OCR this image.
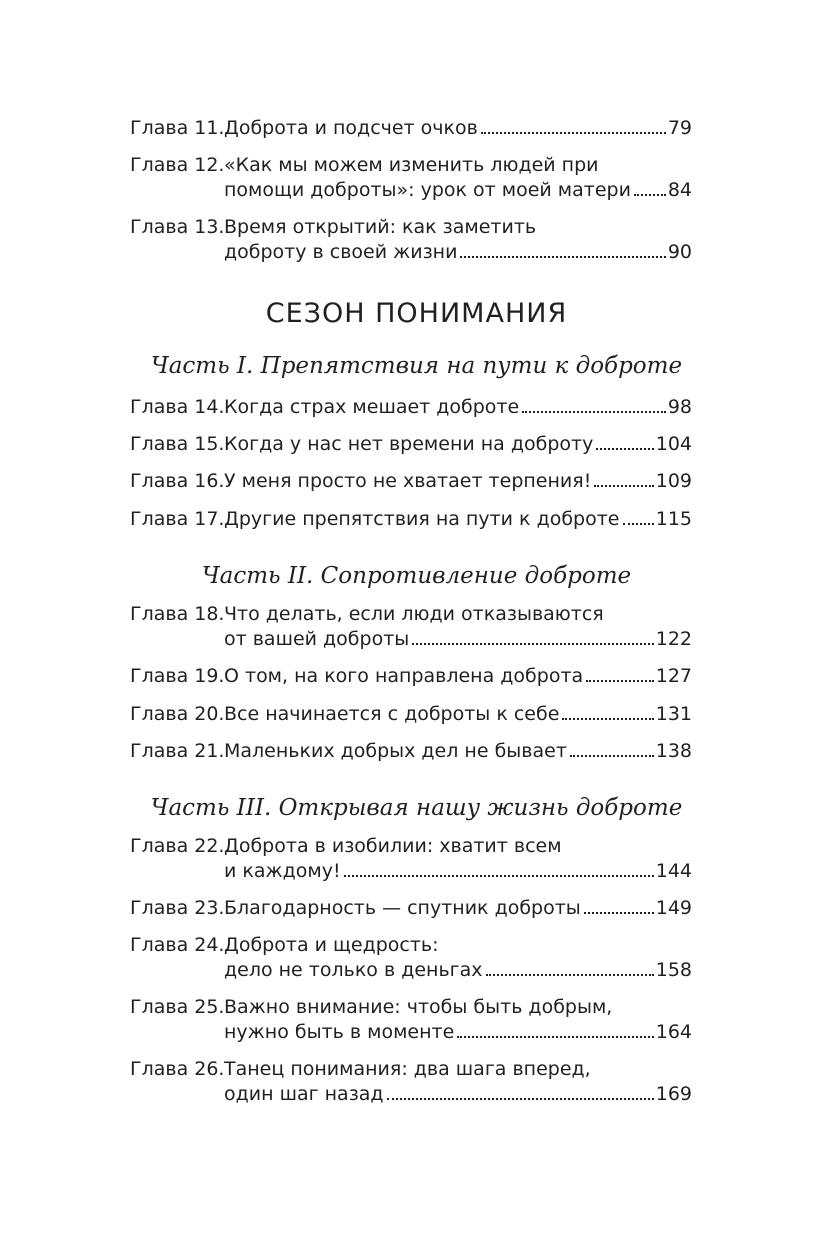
Глава 11. Доброта и подсчет очков	79
Глава 12. «Как мы можем изменить людей при
помощи доброты»: урок от моей матери 84
Глава 13. Время открытий: как заметить
доброту в своей жизни	90
СЕЗОН ПОНИМАНИЯ
Часть I. Препятствия на пути к доброте
Глава 14. Когда страх мешает доброте	98
Глава 15. Когда у нас нет времени на доброту	104
Глава 16. У меня просто не хватает терпения!	109
Глава 17. Другие препятствия на пути к доброте 115
Часть II. Сопротивление доброте
Глава 18. Что делать, если люди отказываются
от вашей доброты	122
Глава 19. О том, на кого направлена доброта	127
Глава 20. Все начинается с доброты к себе	131
Глава 21. Маленьких добрых дел не бывает	138
Часть III. Открывая нашу жизнь доброте
Глава 22. Доброта в изобилии: хватит всем
и каждому!	144
Глава 23. Благодарность — спутник доброты	149
Глава 24. Доброта и щедрость:
дело не только в деньгах	158
Глава 25. Важно внимание: чтобы быть добрым,
нужно быть в моменте	164
Глава 26. Танец понимания: два шага вперед,
один шаг назад	169
